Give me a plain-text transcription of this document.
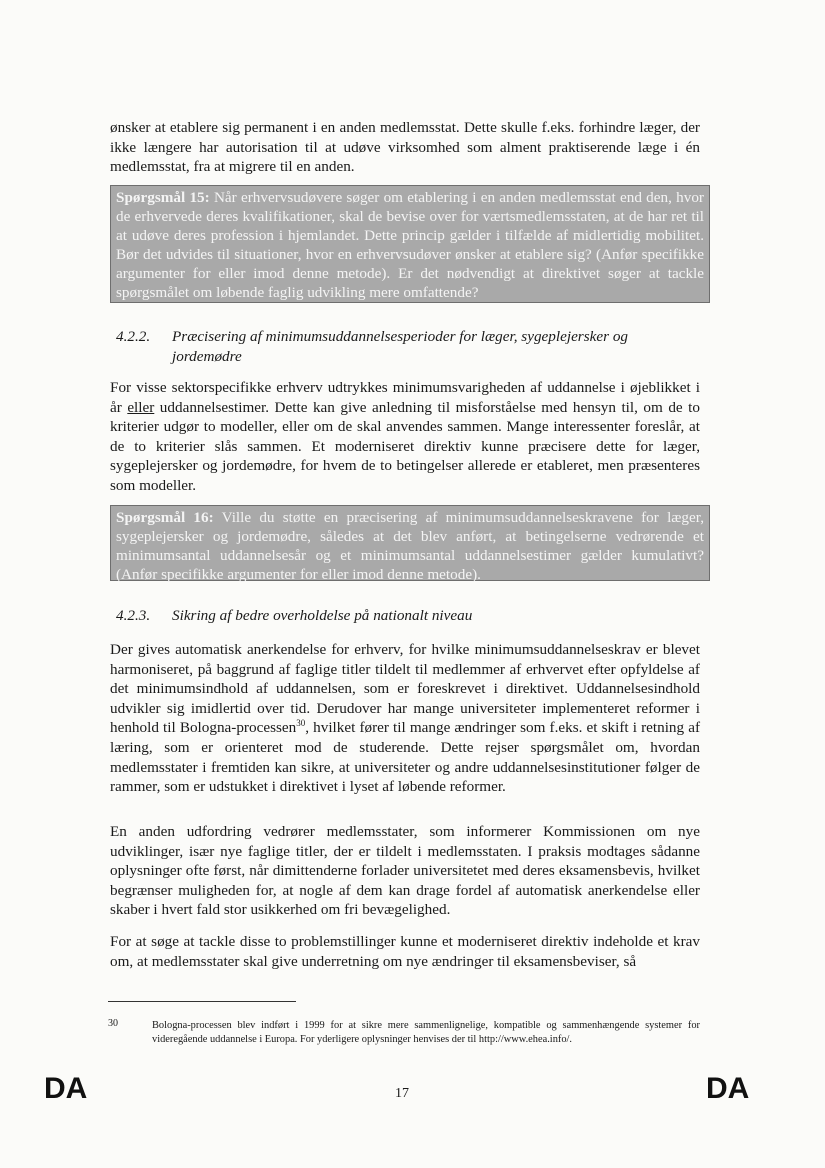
ønsker at etablere sig permanent i en anden medlemsstat. Dette skulle f.eks. forhindre læger, der ikke længere har autorisation til at udøve virksomhed som alment praktiserende læge i én medlemsstat, fra at migrere til en anden.

Spørgsmål 15: Når erhvervsudøvere søger om etablering i en anden medlemsstat end den, hvor de erhvervede deres kvalifikationer, skal de bevise over for værtsmedlemsstaten, at de har ret til at udøve deres profession i hjemlandet. Dette princip gælder i tilfælde af midlertidig mobilitet. Bør det udvides til situationer, hvor en erhvervsudøver ønsker at etablere sig? (Anfør specifikke argumenter for eller imod denne metode). Er det nødvendigt at direktivet søger at tackle spørgsmålet om løbende faglig udvikling mere omfattende?
4.2.2. Præcisering af minimumsuddannelsesperioder for læger, sygeplejersker og
jordemødre

For visse sektorspecifikke erhverv udtrykkes minimumsvarigheden af uddannelse i øjeblikket i år eller uddannelsestimer. Dette kan give anledning til misforståelse med hensyn til, om de to kriterier udgør to modeller, eller om de skal anvendes sammen. Mange interessenter foreslår, at de to kriterier slås sammen. Et moderniseret direktiv kunne præcisere dette for læger, sygeplejersker og jordemødre, for hvem de to betingelser allerede er etableret, men præsenteres som modeller.

Spørgsmål 16: Ville du støtte en præcisering af minimumsuddannelseskravene for læger, sygeplejersker og jordemødre, således at det blev anført, at betingelserne vedrørende et minimumsantal uddannelsesår og et minimumsantal uddannelsestimer gælder kumulativt? (Anfør specifikke argumenter for eller imod denne metode).
4.2.3. Sikring af bedre overholdelse på nationalt niveau

Der gives automatisk anerkendelse for erhverv, for hvilke minimumsuddannelseskrav er blevet harmoniseret, på baggrund af faglige titler tildelt til medlemmer af erhvervet efter opfyldelse af det minimumsindhold af uddannelsen, som er foreskrevet i direktivet. Uddannelsesindhold udvikler sig imidlertid over tid. Derudover har mange universiteter implementeret reformer i henhold til Bologna-processen$^{30}$, hvilket fører til mange ændringer som f.eks. et skift i retning af læring, som er orienteret mod de studerende. Dette rejser spørgsmålet om, hvordan medlemsstater i fremtiden kan sikre, at universiteter og andre uddannelsesinstitutioner følger de rammer, som er udstukket i direktivet i lyset af løbende reformer.

En anden udfordring vedrører medlemsstater, som informerer Kommissionen om nye udviklinger, især nye faglige titler, der er tildelt i medlemsstaten. I praksis modtages sådanne oplysninger ofte først, når dimittenderne forlader universitetet med deres eksamensbevis, hvilket begrænser muligheden for, at nogle af dem kan drage fordel af automatisk anerkendelse eller skaber i hvert fald stor usikkerhed om fri bevægelighed.

For at søge at tackle disse to problemstillinger kunne et moderniseret direktiv indeholde et krav om, at medlemsstater skal give underretning om nye ændringer til eksamensbeviser, så

30	Bologna-processen blev indført i 1999 for at sikre mere sammenlignelige, kompatible og sammenhængende systemer for videregående uddannelse i Europa. For yderligere oplysninger henvises der til http://www.ehea.info/.
DA	17	DA
